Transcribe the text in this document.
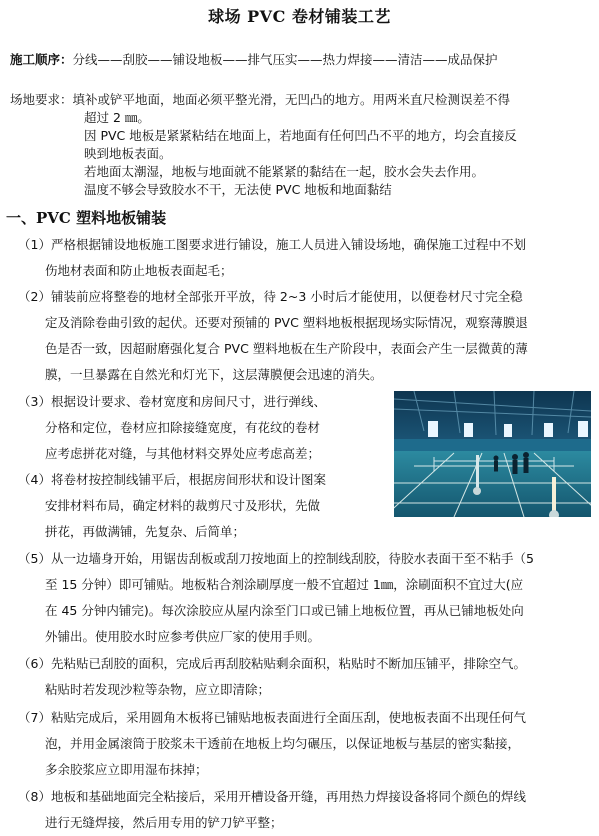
球场 PVC 卷材铺装工艺
施工顺序：分线——刮胶——铺设地板——排气压实——热力焊接——清洁——成品保护
场地要求：填补或铲平地面，地面必须平整光滑，无凹凸的地方。用两米直尺检测误差不得
超过 2 ㎜。
因 PVC 地板是紧紧粘结在地面上，若地面有任何凹凸不平的地方，均会直接反
映到地板表面。
若地面太潮湿，地板与地面就不能紧紧的黏结在一起，胶水会失去作用。
温度不够会导致胶水不干，无法使 PVC 地板和地面黏结
一、PVC 塑料地板铺装
（1）严格根据铺设地板施工图要求进行铺设，施工人员进入铺设场地，确保施工过程中不划
伤地材表面和防止地板表面起毛；
（2）铺装前应将整卷的地材全部张开平放，待 2~3 小时后才能使用，以便卷材尺寸完全稳
定及消除卷曲引致的起伏。还要对预铺的 PVC 塑料地板根据现场实际情况，观察薄膜退
色是否一致，因超耐磨强化复合 PVC 塑料地板在生产阶段中，表面会产生一层微黄的薄
膜，一旦暴露在自然光和灯光下，这层薄膜便会迅速的消失。
（3）根据设计要求、卷材宽度和房间尺寸，进行弹线、
分格和定位，卷材应扣除接缝宽度，有花纹的卷材
应考虑拼花对缝，与其他材料交界处应考虑高差；
（4）将卷材按控制线铺平后，根据房间形状和设计图案
安排材料布局，确定材料的裁剪尺寸及形状，先做
拼花，再做满铺，先复杂、后简单；
（5）从一边墙身开始，用锯齿刮板或刮刀按地面上的控制线刮胶，待胶水表面干至不粘手（5
至 15 分钟）即可铺贴。地板粘合剂涂刷厚度一般不宜超过 1㎜，涂刷面积不宜过大(应
在 45 分钟内铺完)。每次涂胶应从屋内涂至门口或已铺上地板位置，再从已铺地板处向
外铺出。使用胶水时应参考供应厂家的使用手则。
（6）先粘贴已刮胶的面积，完成后再刮胶粘贴剩余面积，粘贴时不断加压铺平，排除空气。
粘贴时若发现沙粒等杂物，应立即清除；
（7）粘贴完成后，采用圆角木板将已铺贴地板表面进行全面压刮，使地板表面不出现任何气
泡，并用金属滚筒于胶浆未干透前在地板上均匀碾压，以保证地板与基层的密实黏接，
多余胶浆应立即用湿布抹掉；
（8）地板和基础地面完全粘接后，采用开槽设备开缝，再用热力焊接设备将同个颜色的焊线
进行无缝焊接，然后用专用的铲刀铲平整；
